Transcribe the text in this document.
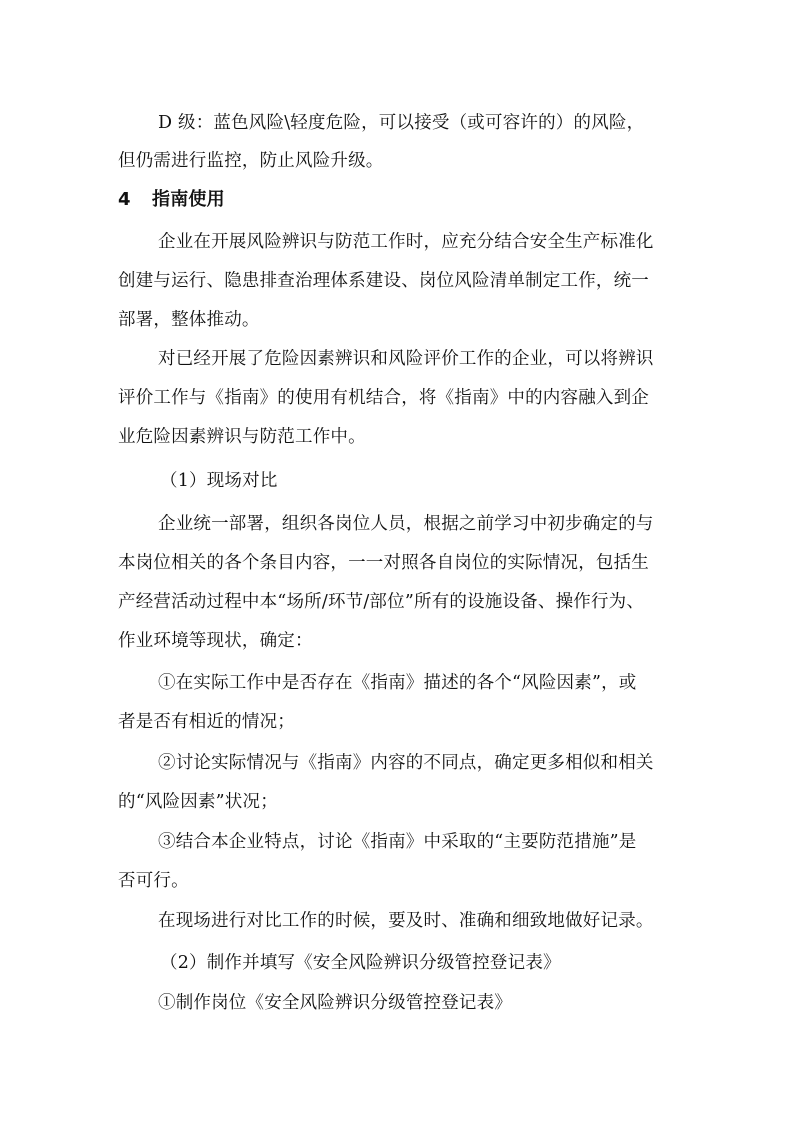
D 级：蓝色风险\轻度危险，可以接受（或可容许的）的风险，
但仍需进行监控，防止风险升级。
4 指南使用
企业在开展风险辨识与防范工作时，应充分结合安全生产标准化
创建与运行、隐患排查治理体系建设、岗位风险清单制定工作，统一
部署，整体推动。
对已经开展了危险因素辨识和风险评价工作的企业，可以将辨识
评价工作与《指南》的使用有机结合，将《指南》中的内容融入到企
业危险因素辨识与防范工作中。
（1）现场对比
企业统一部署，组织各岗位人员，根据之前学习中初步确定的与
本岗位相关的各个条目内容，一一对照各自岗位的实际情况，包括生
产经营活动过程中本“场所/环节/部位”所有的设施设备、操作行为、
作业环境等现状，确定：
①在实际工作中是否存在《指南》描述的各个“风险因素”，或
者是否有相近的情况；
②讨论实际情况与《指南》内容的不同点，确定更多相似和相关
的“风险因素”状况；
③结合本企业特点，讨论《指南》中采取的“主要防范措施”是
否可行。
在现场进行对比工作的时候，要及时、准确和细致地做好记录。
（2）制作并填写《安全风险辨识分级管控登记表》
①制作岗位《安全风险辨识分级管控登记表》
